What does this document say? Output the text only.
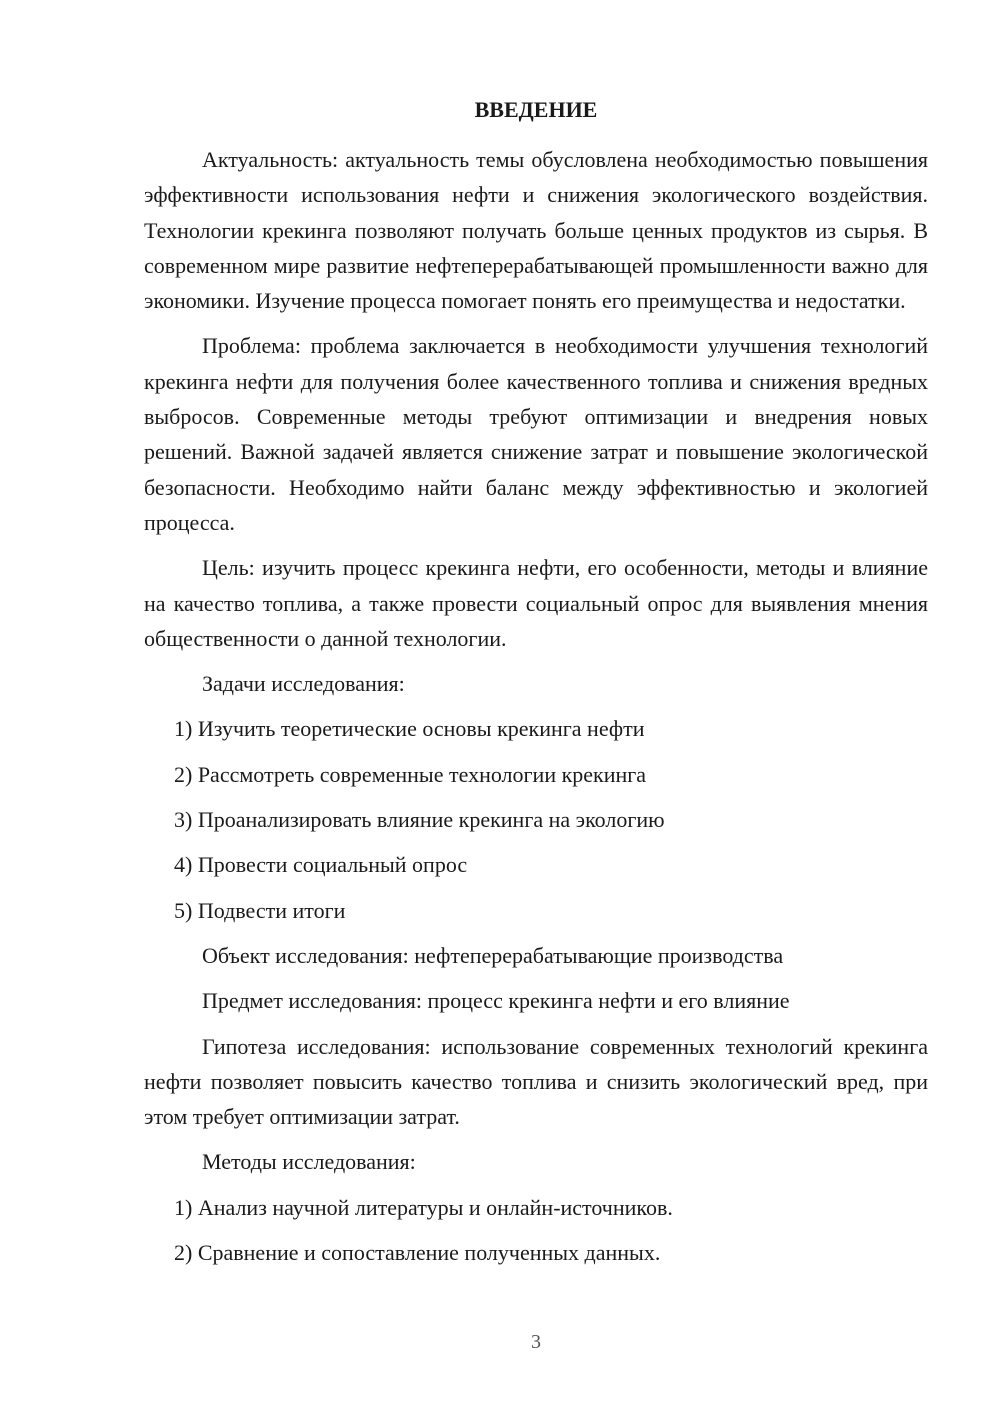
ВВЕДЕНИЕ

Актуальность: актуальность темы обусловлена необходимостью повышения эффективности использования нефти и снижения экологического воздействия. Технологии крекинга позволяют получать больше ценных продуктов из сырья. В современном мире развитие нефтеперерабатывающей промышленности важно для экономики. Изучение процесса помогает понять его преимущества и недостатки.

Проблема: проблема заключается в необходимости улучшения технологий крекинга нефти для получения более качественного топлива и снижения вредных выбросов. Современные методы требуют оптимизации и внедрения новых решений. Важной задачей является снижение затрат и повышение экологической безопасности. Необходимо найти баланс между эффективностью и экологией процесса.

Цель: изучить процесс крекинга нефти, его особенности, методы и влияние на качество топлива, а также провести социальный опрос для выявления мнения общественности о данной технологии.

Задачи исследования:

1) Изучить теоретические основы крекинга нефти

2) Рассмотреть современные технологии крекинга

3) Проанализировать влияние крекинга на экологию

4) Провести социальный опрос

5) Подвести итоги

Объект исследования: нефтеперерабатывающие производства

Предмет исследования: процесс крекинга нефти и его влияние

Гипотеза исследования: использование современных технологий крекинга нефти позволяет повысить качество топлива и снизить экологический вред, при этом требует оптимизации затрат.

Методы исследования:

1) Анализ научной литературы и онлайн-источников.

2) Сравнение и сопоставление полученных данных.

3
